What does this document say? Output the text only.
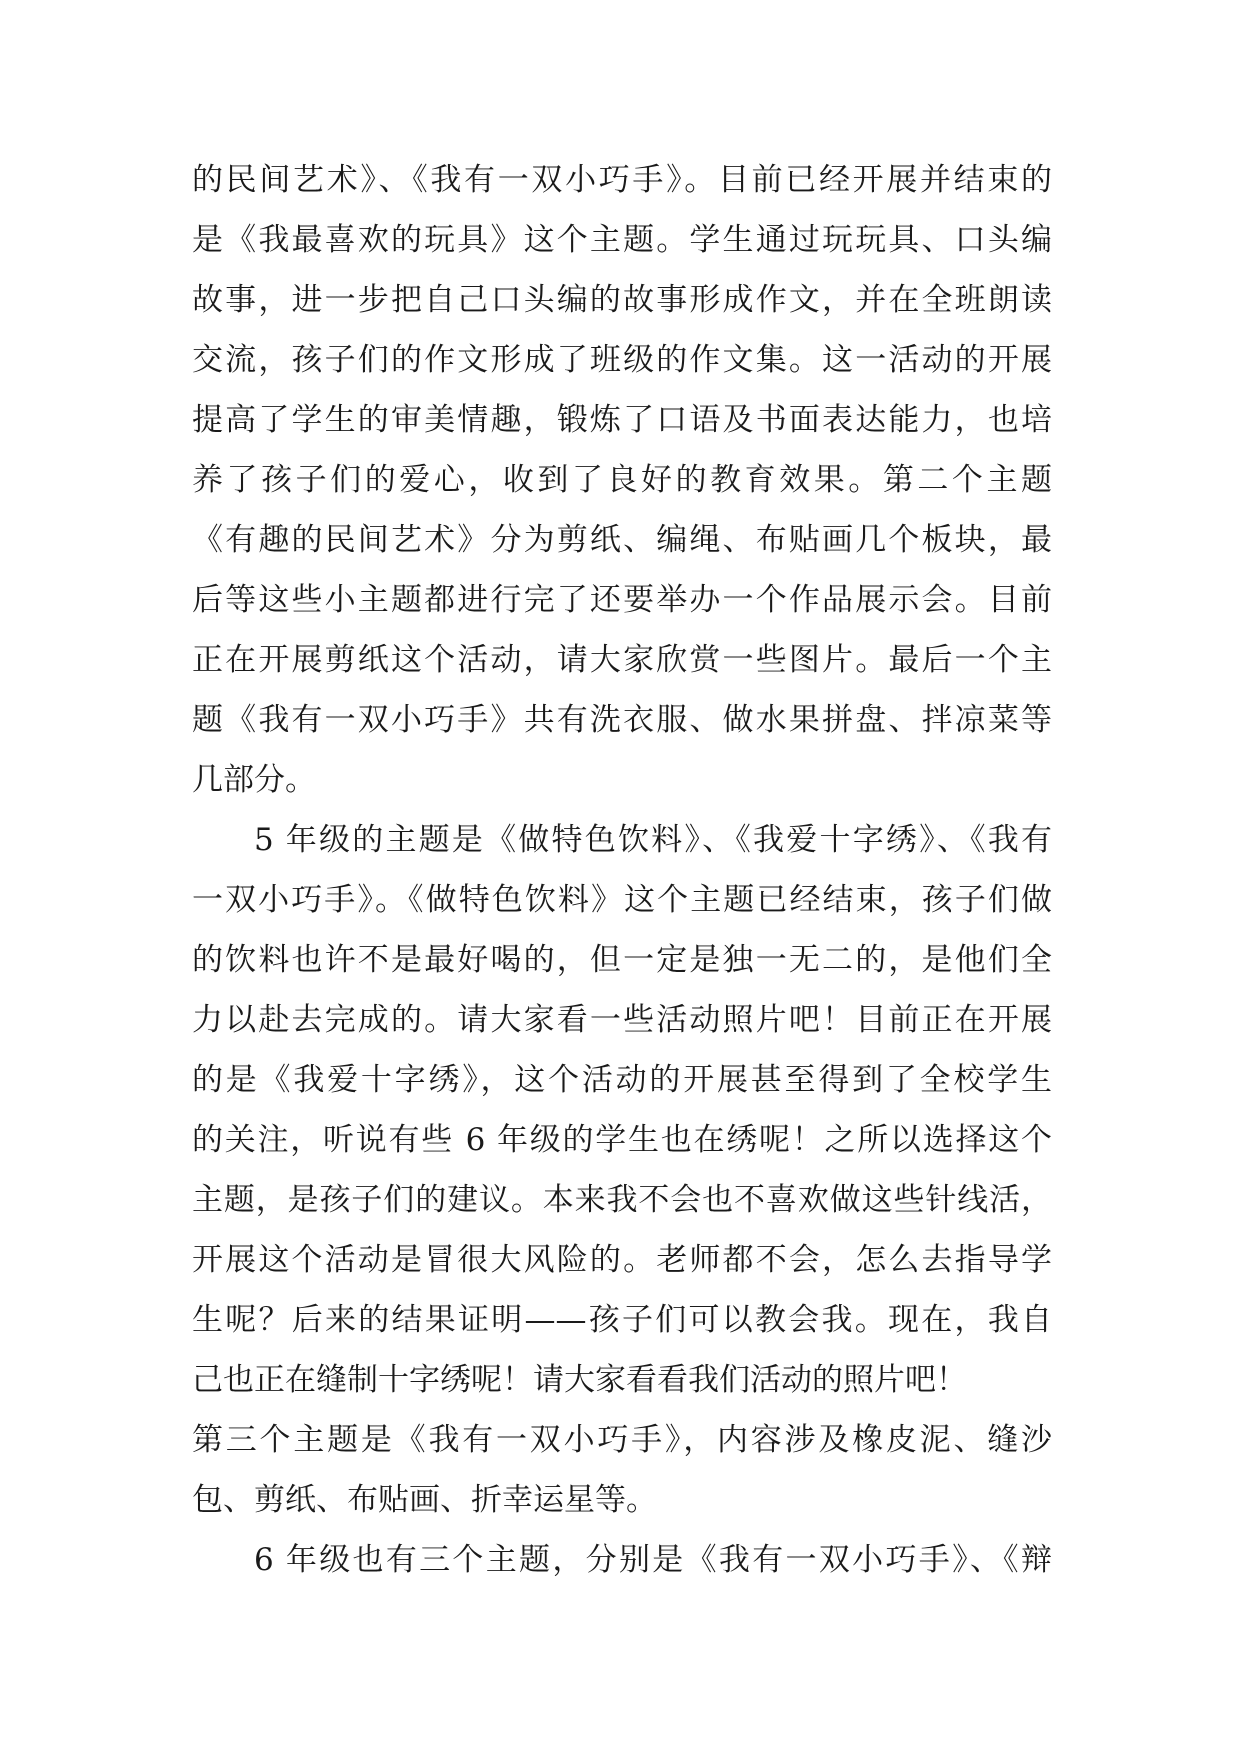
的民间艺术》、《我有一双小巧手》。目前已经开展并结束的
是《我最喜欢的玩具》这个主题。学生通过玩玩具、口头编
故事，进一步把自己口头编的故事形成作文，并在全班朗读
交流，孩子们的作文形成了班级的作文集。这一活动的开展
提高了学生的审美情趣，锻炼了口语及书面表达能力，也培
养了孩子们的爱心，收到了良好的教育效果。第二个主题
《有趣的民间艺术》分为剪纸、编绳、布贴画几个板块，最
后等这些小主题都进行完了还要举办一个作品展示会。目前
正在开展剪纸这个活动，请大家欣赏一些图片。最后一个主
题《我有一双小巧手》共有洗衣服、做水果拼盘、拌凉菜等
几部分。
5 年级的主题是《做特色饮料》、《我爱十字绣》、《我有
一双小巧手》。《做特色饮料》这个主题已经结束，孩子们做
的饮料也许不是最好喝的，但一定是独一无二的，是他们全
力以赴去完成的。请大家看一些活动照片吧！目前正在开展
的是《我爱十字绣》，这个活动的开展甚至得到了全校学生
的关注，听说有些 6 年级的学生也在绣呢！之所以选择这个
主题，是孩子们的建议。本来我不会也不喜欢做这些针线活，
开展这个活动是冒很大风险的。老师都不会，怎么去指导学
生呢？后来的结果证明——孩子们可以教会我。现在，我自
己也正在缝制十字绣呢！请大家看看我们活动的照片吧！
第三个主题是《我有一双小巧手》，内容涉及橡皮泥、缝沙
包、剪纸、布贴画、折幸运星等。
6 年级也有三个主题，分别是《我有一双小巧手》、《辩
